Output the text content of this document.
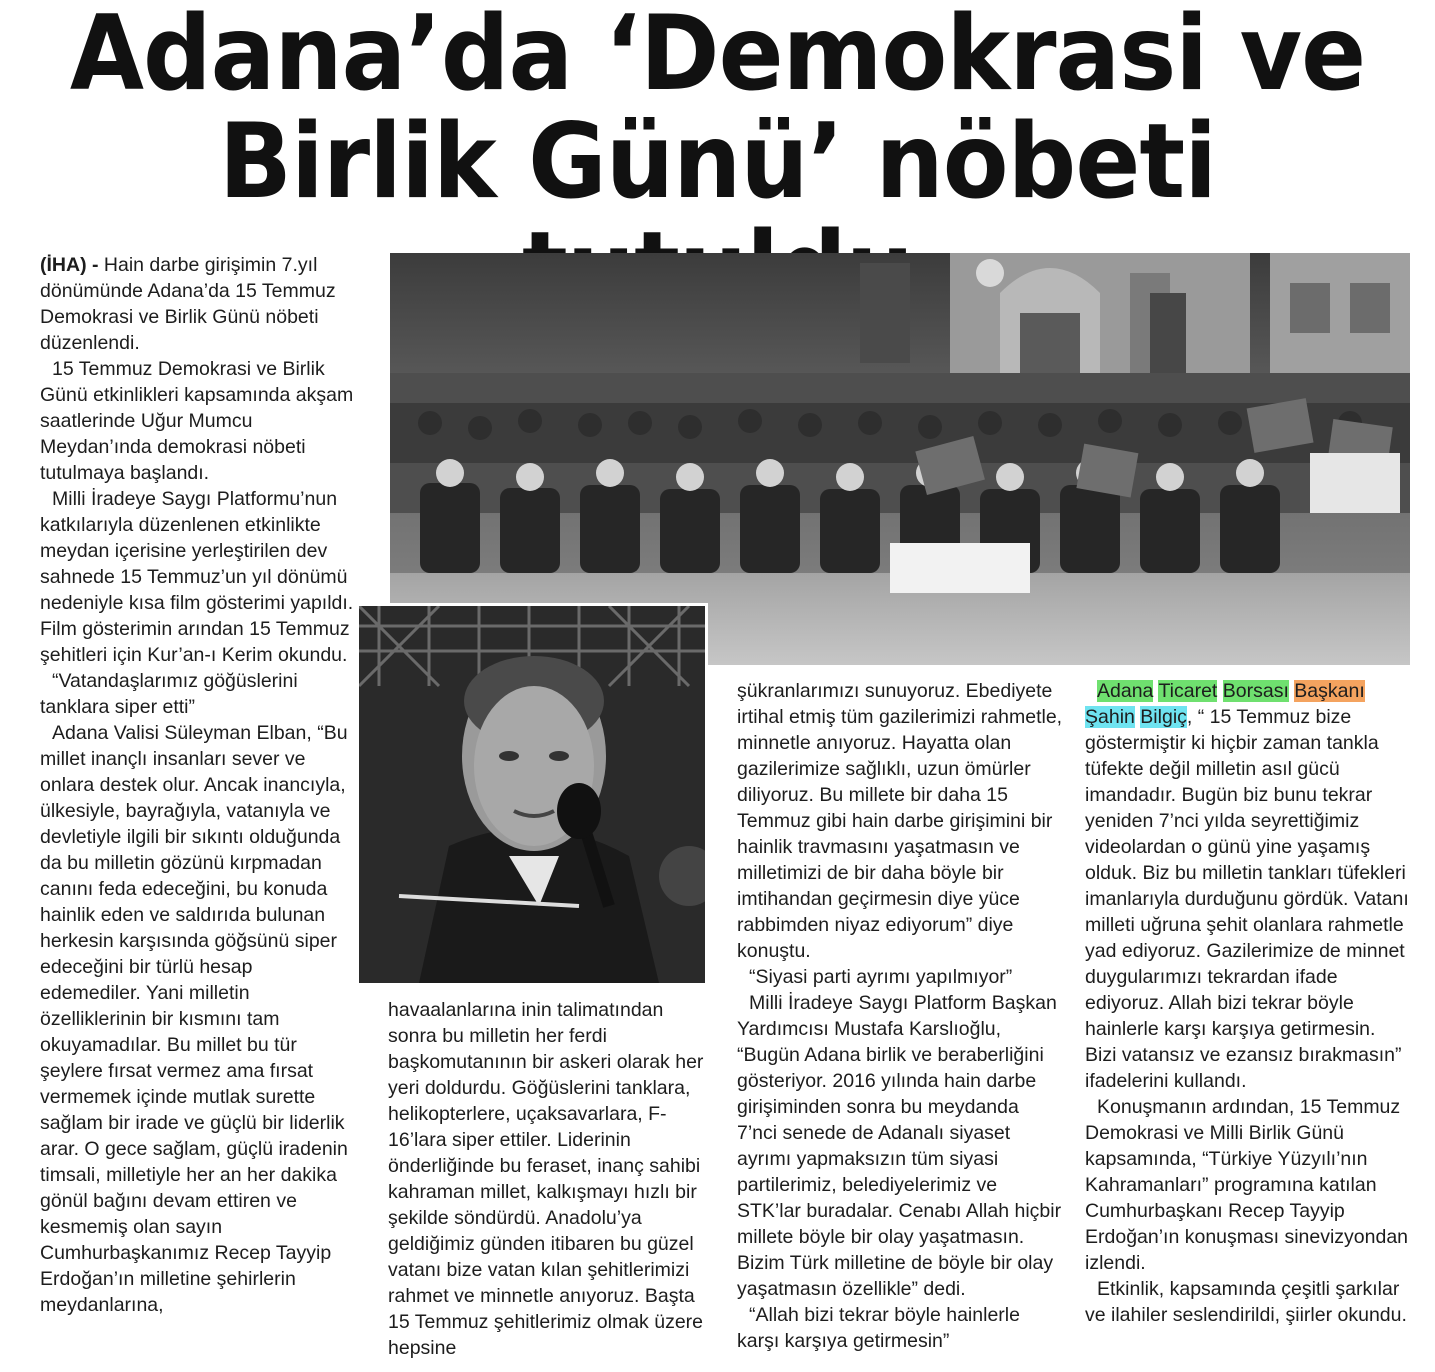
Adana’da ‘Demokrasi ve
Birlik Günü’ nöbeti

(İHA) - Hain darbe girişimin 7.yıl dönümünde Adana’da 15 Temmuz Demokrasi ve Birlik Günü nöbeti düzenlendi.

15 Temmuz Demokrasi ve Birlik Günü etkinlikleri kapsamında akşam saatlerinde Uğur Mumcu Meydan’ında demokrasi nöbeti tutulmaya başlandı.

Milli İradeye Saygı Platformu’nun katkılarıyla düzenlenen etkinlikte meydan içerisine yerleştirilen dev sahnede 15 Temmuz’un yıl dönümü nedeniyle kısa film gösterimi yapıldı. Film gösterimin arından 15 Temmuz şehitleri için Kur’an-ı Kerim okundu.

“Vatandaşlarımız göğüslerini tanklara siper etti”

Adana Valisi Süleyman Elban, “Bu millet inançlı insanları sever ve onlara destek olur. Ancak inancıyla, ülkesiyle, bayrağıyla, vatanıyla ve devletiyle ilgili bir sıkıntı olduğunda da bu milletin gözünü kırpmadan canını feda edeceğini, bu konuda hainlik eden ve saldırıda bulunan herkesin karşısında göğsünü siper edeceğini bir türlü hesap edemediler. Yani milletin özelliklerinin bir kısmını tam okuyamadılar. Bu millet bu tür şeylere fırsat vermez ama fırsat vermemek içinde mutlak surette sağlam bir irade ve güçlü bir liderlik arar. O gece sağlam, güçlü iradenin timsali, milletiyle her an her dakika gönül bağını devam ettiren ve kesmemiş olan sayın Cumhurbaşkanımız Recep Tayyip Erdoğan’ın milletine şehirlerin meydanlarına,

havaalanlarına inin talimatından sonra bu milletin her ferdi başkomutanının bir askeri olarak her yeri doldurdu. Göğüslerini tanklara, helikopterlere, uçaksavarlara, F-16’lara siper ettiler. Liderinin önderliğinde bu feraset, inanç sahibi kahraman millet, kalkışmayı hızlı bir şekilde söndürdü. Anadolu’ya geldiğimiz günden itibaren bu güzel vatanı bize vatan kılan şehitlerimizi rahmet ve minnetle anıyoruz. Başta 15 Temmuz şehitlerimiz olmak üzere hepsine

şükranlarımızı sunuyoruz. Ebediyete irtihal etmiş tüm gazilerimizi rahmetle, minnetle anıyoruz. Hayatta olan gazilerimize sağlıklı, uzun ömürler diliyoruz. Bu millete bir daha 15 Temmuz gibi hain darbe girişimini bir hainlik travmasını yaşatmasın ve milletimizi de bir daha böyle bir imtihandan geçirmesin diye yüce rabbimden niyaz ediyorum” diye konuştu.

“Siyasi parti ayrımı yapılmıyor”

Milli İradeye Saygı Platform Başkan Yardımcısı Mustafa Karslıoğlu, “Bugün Adana birlik ve beraberliğini gösteriyor. 2016 yılında hain darbe girişiminden sonra bu meydanda 7’nci senede de Adanalı siyaset ayrımı yapmaksızın tüm siyasi partilerimiz, belediyelerimiz ve STK’lar buradalar. Cenabı Allah hiçbir millete böyle bir olay yaşatmasın. Bizim Türk milletine de böyle bir olay yaşatmasın özellikle” dedi.

“Allah bizi tekrar böyle hainlerle karşı karşıya getirmesin”

Adana Ticaret Borsası Başkanı Şahin Bilgiç, “ 15 Temmuz bize göstermiştir ki hiçbir zaman tankla tüfekte değil milletin asıl gücü imandadır. Bugün biz bunu tekrar yeniden 7’nci yılda seyrettiğimiz videolardan o günü yine yaşamış olduk. Biz bu milletin tankları tüfekleri imanlarıyla durduğunu gördük. Vatanı milleti uğruna şehit olanlara rahmetle yad ediyoruz. Gazilerimize de minnet duygularımızı tekrardan ifade ediyoruz. Allah bizi tekrar böyle hainlerle karşı karşıya getirmesin. Bizi vatansız ve ezansız bırakmasın” ifadelerini kullandı.

Konuşmanın ardından, 15 Temmuz Demokrasi ve Milli Birlik Günü kapsamında, “Türkiye Yüzyılı’nın Kahramanları” programına katılan Cumhurbaşkanı Recep Tayyip Erdoğan’ın konuşması sinevizyondan izlendi.

Etkinlik, kapsamında çeşitli şarkılar ve ilahiler seslendirildi, şiirler okundu.
